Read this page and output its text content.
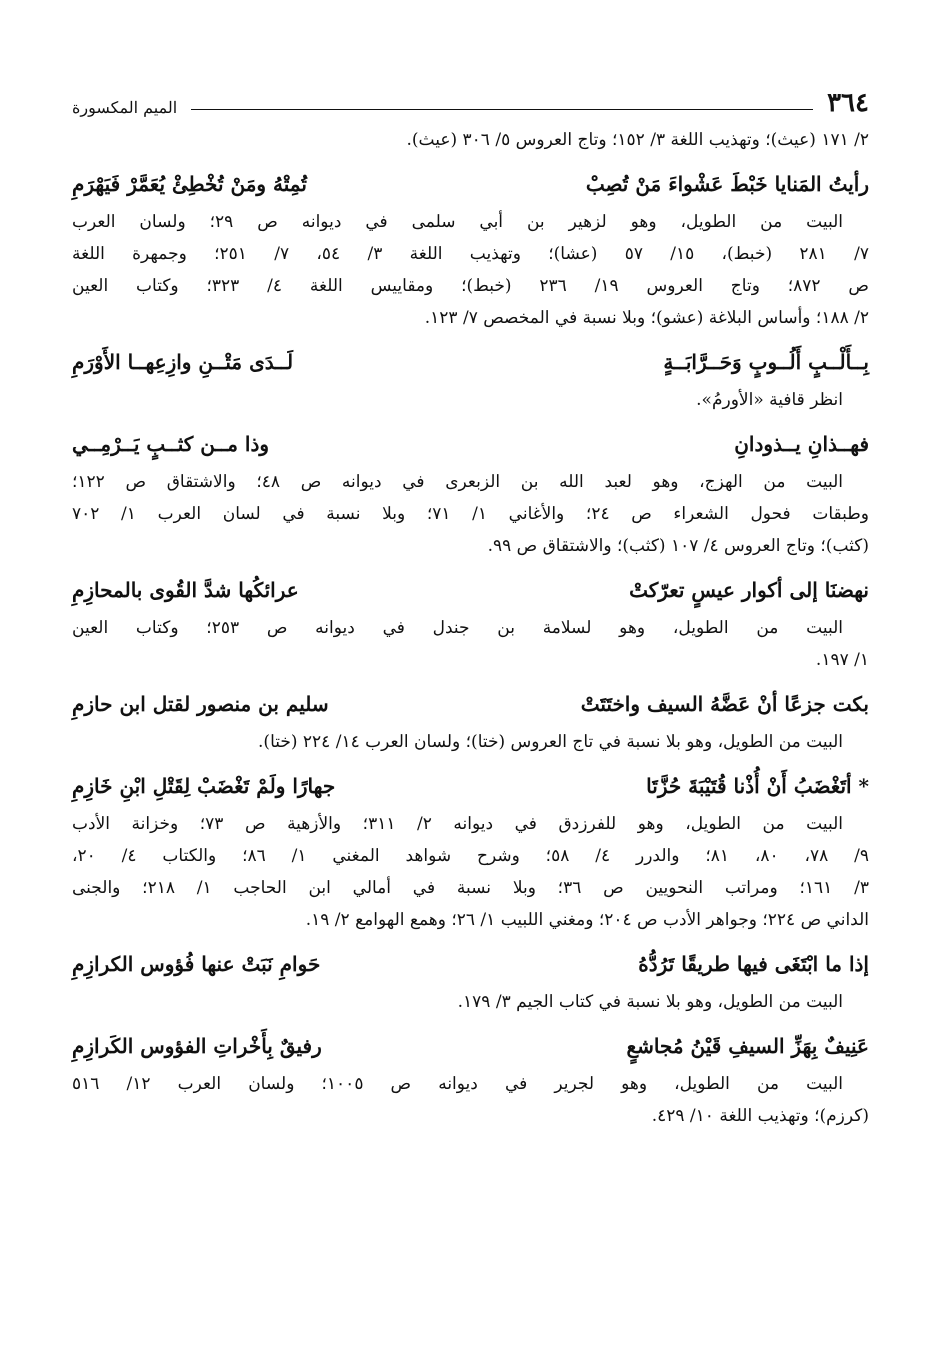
٣٦٤
الميم المكسورة
٢/ ١٧١ (عيث)؛ وتهذيب اللغة ٣/ ١٥٢؛ وتاج العروس ٥/ ٣٠٦ (عيث).
رأيتُ المَنايا خَبْطَ عَشْواءَ مَنْ تُصِبْ
تُمِتْهُ ومَنْ تُخْطِئْ يُعَمَّرْ فَيَهْرَمِ
البيت من الطويل، وهو لزهير بن أبي سلمى في ديوانه ص ٢٩؛ ولسان العرب
٧/ ٢٨١ (خبط)، ١٥/ ٥٧ (عشا)؛ وتهذيب اللغة ٣/ ٥٤، ٧/ ٢٥١؛ وجمهرة اللغة
ص ٨٧٢؛ وتاج العروس ١٩/ ٢٣٦ (خبط)؛ ومقاييس اللغة ٤/ ٣٢٣؛ وكتاب العين
٢/ ١٨٨؛ وأساس البلاغة (عشو)؛ وبلا نسبة في المخصص ٧/ ١٢٣.
بِــأَلْــبٍ أَلُــوبٍ وَحَــرَّابَــةٍ
لَــدَى مَتْــنِ وازِعِهــا الأَوْرَمِ
انظر قافية «الأورمُ».
فهــذانِ يــذودانِ
وذا مــن كثــبٍ يَــرْمِــي
البيت من الهزج، وهو لعبد الله بن الزبعرى في ديوانه ص ٤٨؛ والاشتقاق ص ١٢٢؛
وطبقات فحول الشعراء ص ٢٤؛ والأغاني ١/ ٧١؛ وبلا نسبة في لسان العرب ١/ ٧٠٢
(كثب)؛ وتاج العروس ٤/ ١٠٧ (كثب)؛ والاشتقاق ص ٩٩.
نهضنَا إلى أكوار عيسٍ تعرّكتْ
عرائكُها شدَّ القُوى بالمحازِمِ
البيت من الطويل، وهو لسلامة بن جندل في ديوانه ص ٢٥٣؛ وكتاب العين
١/ ١٩٧.
بكت جزعًا أنْ عَضَّهُ السيف واختَتَتْ
سليم بن منصور لقتل ابن حازمِ
البيت من الطويل، وهو بلا نسبة في تاج العروس (ختا)؛ ولسان العرب ١٤/ ٢٢٤ (ختا).
* أتَغْضَبُ أَنْ أُذْنا قُتَيْبَةَ حُزَّتَا
جهارًا ولَمْ تَغْضَبْ لِقَتْلِ ابْنِ خَازِمِ
البيت من الطويل، وهو للفرزدق في ديوانه ٢/ ٣١١؛ والأزهية ص ٧٣؛ وخزانة الأدب
٩/ ٧٨، ٨٠، ٨١؛ والدرر ٤/ ٥٨؛ وشرح شواهد المغني ١/ ٨٦؛ والكتاب ٤/ ٢٠،
٣/ ١٦١؛ ومراتب النحويين ص ٣٦؛ وبلا نسبة في أمالي ابن الحاجب ١/ ٢١٨؛ والجنى
الداني ص ٢٢٤؛ وجواهر الأدب ص ٢٠٤؛ ومغني اللبيب ١/ ٢٦؛ وهمع الهوامع ٢/ ١٩.
إذا ما ابْتَغَى فيها طريقًا تَرُدُّهُ
حَوامِ نَبَتْ عنها فُؤوس الكرازِمِ
البيت من الطويل، وهو بلا نسبة في كتاب الجيم ٣/ ١٧٩.
عَنِيفٌ بِهَزِّ السيفِ قَيْنُ مُجاشعٍ
رفيقٌ بِأَخْراتِ الفؤوس الكَرازِمِ
البيت من الطويل، وهو لجرير في ديوانه ص ١٠٠٥؛ ولسان العرب ١٢/ ٥١٦
(كرزم)؛ وتهذيب اللغة ١٠/ ٤٢٩.
